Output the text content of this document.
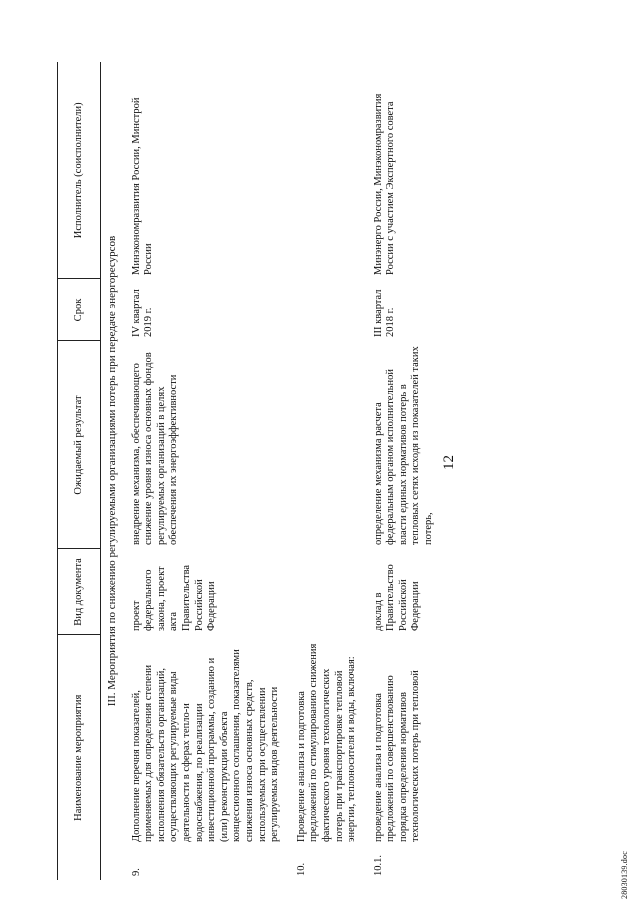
12
Наименование мероприятия	Вид документа	Ожидаемый результат	Срок	Исполнитель (соисполнители)
III. Мероприятия по снижению регулируемыми организациями потерь при передаче энергоресурсов				

9.
Дополнение перечня показателей, применяемых для определения степени исполнения обязательств организаций, осуществляющих регулируемые виды деятельности в сферах тепло-и водоснабжения, по реализации инвестиционной программы, созданию и (или) реконструкции объекта концессионного соглашения, показателями снижения износа основных средств, используемых при осуществлении регулируемых видов деятельности	проект федерального закона, проект акта Правительства Российской Федерации	внедрение механизма, обеспечивающего снижение уровня износа основных фондов регулируемых организаций в целях обеспечения их энергоэффективности	IV квартал 2019 г.	Минэкономразвития России, Минстрой России

10.
Проведение анализа и подготовка предложений по стимулированию снижения фактического уровня технологических потерь при транспортировке тепловой энергии, теплоносителя и воды, включая:				

10.1.
проведение анализа и подготовка предложений по совершенствованию порядка определения нормативов технологических потерь при тепловой	доклад в Правительство Российской Федерации	определение механизма расчета федеральным органом исполнительной власти единых нормативов потерь в тепловых сетях исходя из показателей таких потерь,	III квартал 2018 г.	Минэнерго России, Минэкономразвития России с участием Экспертного совета
28030139.doc
